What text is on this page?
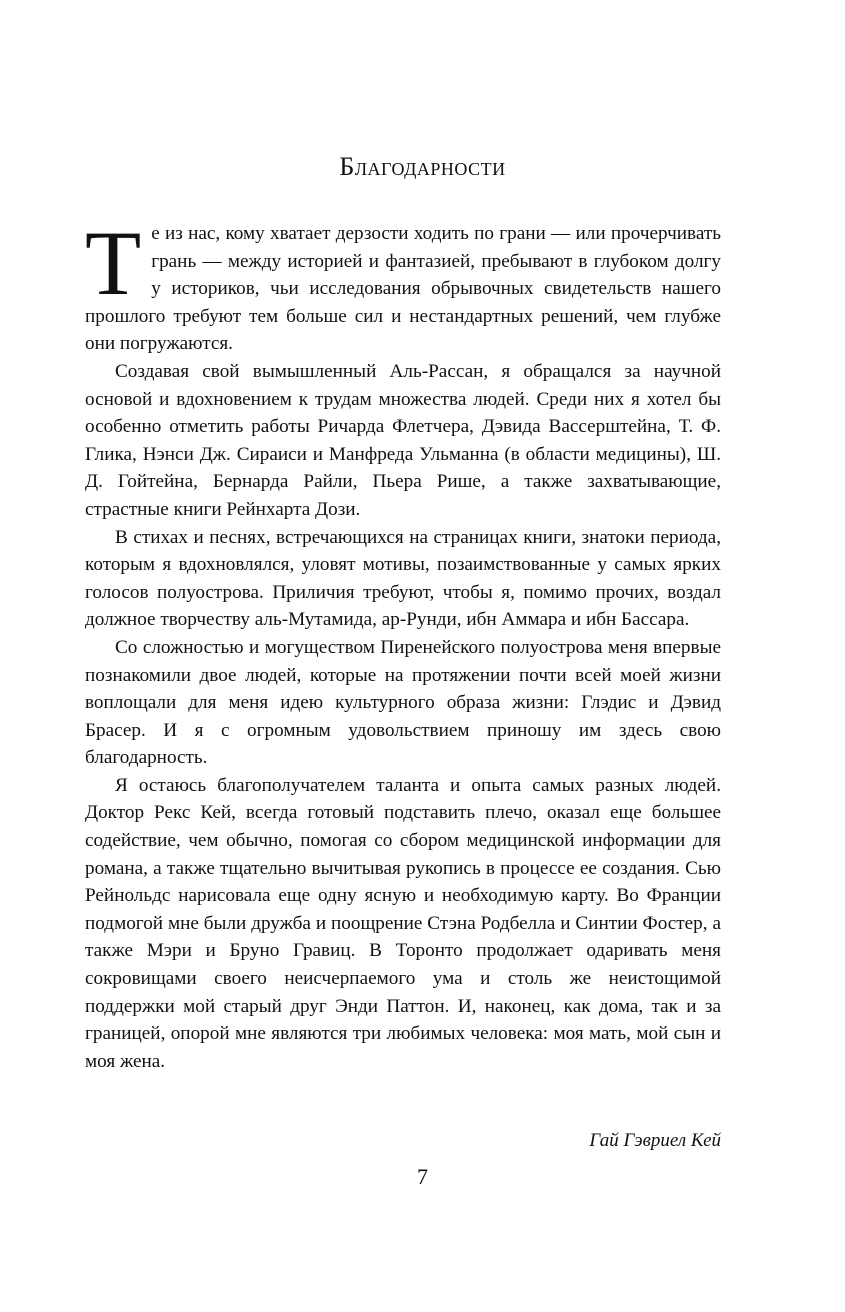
Благодарности

Те из нас, кому хватает дерзости ходить по грани — или прочерчивать грань — между историей и фантазией, пребывают в глубоком долгу у историков, чьи исследования обрывочных свидетельств нашего прошлого требуют тем больше сил и нестандартных решений, чем глубже они погружаются.

Создавая свой вымышленный Аль-Рассан, я обращался за научной основой и вдохновением к трудам множества людей. Среди них я хотел бы особенно отметить работы Ричарда Флетчера, Дэвида Вассерштейна, Т. Ф. Глика, Нэнси Дж. Сираиси и Манфреда Ульманна (в области медицины), Ш. Д. Гойтейна, Бернарда Райли, Пьера Рише, а также захватывающие, страстные книги Рейнхарта Дози.

В стихах и песнях, встречающихся на страницах книги, знатоки периода, которым я вдохновлялся, уловят мотивы, позаимствованные у самых ярких голосов полуострова. Приличия требуют, чтобы я, помимо прочих, воздал должное творчеству аль-Мутамида, ар-Рунди, ибн Аммара и ибн Бассара.

Со сложностью и могуществом Пиренейского полуострова меня впервые познакомили двое людей, которые на протяжении почти всей моей жизни воплощали для меня идею культурного образа жизни: Глэдис и Дэвид Брасер. И я с огромным удовольствием приношу им здесь свою благодарность.

Я остаюсь благополучателем таланта и опыта самых разных людей. Доктор Рекс Кей, всегда готовый подставить плечо, оказал еще большее содействие, чем обычно, помогая со сбором медицинской информации для романа, а также тщательно вычитывая рукопись в процессе ее создания. Сью Рейнольдс нарисовала еще одну ясную и необходимую карту. Во Франции подмогой мне были дружба и поощрение Стэна Родбелла и Синтии Фостер, а также Мэри и Бруно Гравиц. В Торонто продолжает одаривать меня сокровищами своего неисчерпаемого ума и столь же неистощимой поддержки мой старый друг Энди Паттон. И, наконец, как дома, так и за границей, опорой мне являются три любимых человека: моя мать, мой сын и моя жена.

Гай Гэвриел Кей

7
